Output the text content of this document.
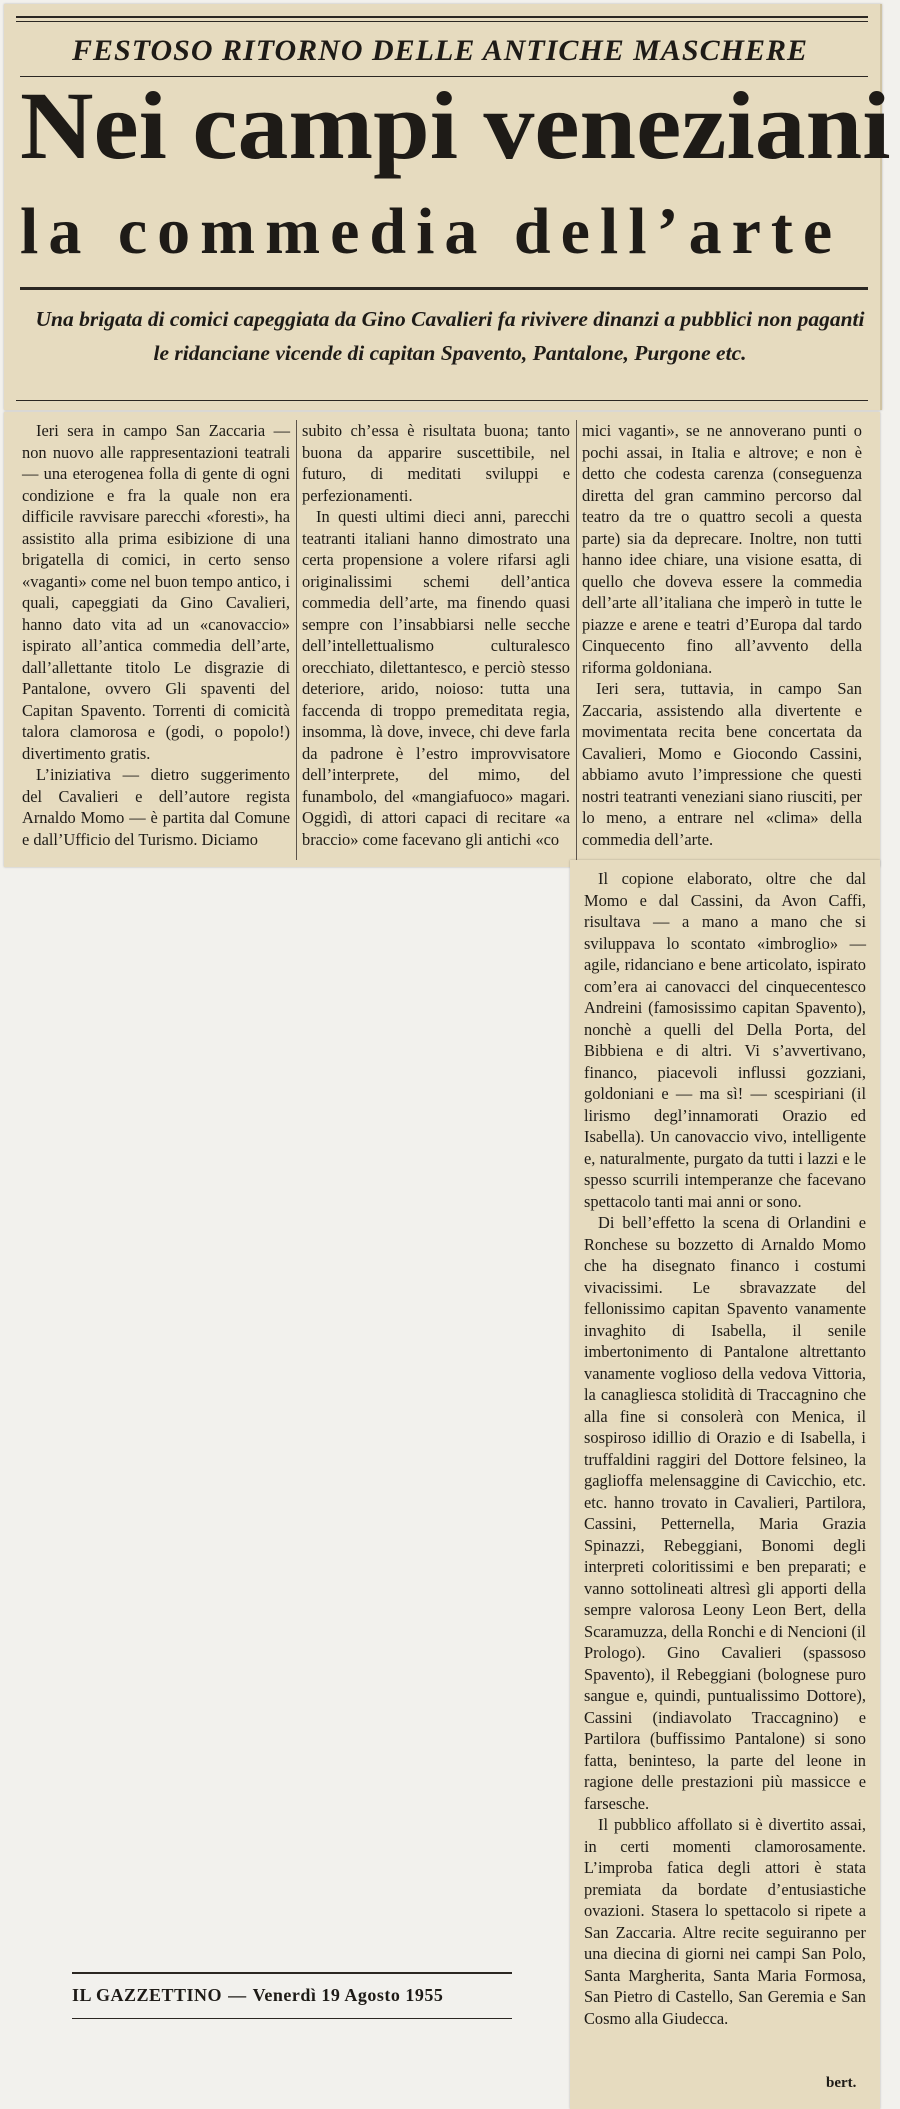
FESTOSO RITORNO DELLE ANTICHE MASCHERE
Nei campi veneziani
la commedia dell’arte
Una brigata di comici capeggiata da Gino Cavalieri fa rivivere dinanzi a pubblici non paganti le ridanciane vicende di capitan Spavento, Pantalone, Purgone etc.

Ieri sera in campo San Zaccaria — non nuovo alle rappresentazioni teatrali — una eterogenea folla di gente di ogni condizione e fra la quale non era difficile ravvisare parecchi «foresti», ha assistito alla prima esibizione di una brigatella di comici, in certo senso «vaganti» come nel buon tempo antico, i quali, capeggiati da Gino Cavalieri, hanno dato vita ad un «canovaccio» ispirato all’antica commedia dell’arte, dall’allettante titolo Le disgrazie di Pantalone, ovvero Gli spaventi del Capitan Spavento. Torrenti di comicità talora clamorosa e (godi, o popolo!) divertimento gratis.

L’iniziativa — dietro suggerimento del Cavalieri e dell’autore regista Arnaldo Momo — è partita dal Comune e dall’Ufficio del Turismo. Diciamo

subito ch’essa è risultata buona; tanto buona da apparire suscettibile, nel futuro, di meditati sviluppi e perfezionamenti.

In questi ultimi dieci anni, parecchi teatranti italiani hanno dimostrato una certa propensione a volere rifarsi agli originalissimi schemi dell’antica commedia dell’arte, ma finendo quasi sempre con l’insabbiarsi nelle secche dell’intellettualismo culturalesco orecchiato, dilettantesco, e perciò stesso deteriore, arido, noioso: tutta una faccenda di troppo premeditata regia, insomma, là dove, invece, chi deve farla da padrone è l’estro improvvisatore dell’interprete, del mimo, del funambolo, del «mangiafuoco» magari. Oggidì, di attori capaci di recitare «a braccio» come facevano gli antichi «co

mici vaganti», se ne annoverano punti o pochi assai, in Italia e altrove; e non è detto che codesta carenza (conseguenza diretta del gran cammino percorso dal teatro da tre o quattro secoli a questa parte) sia da deprecare. Inoltre, non tutti hanno idee chiare, una visione esatta, di quello che doveva essere la commedia dell’arte all’italiana che imperò in tutte le piazze e arene e teatri d’Europa dal tardo Cinquecento fino all’avvento della riforma goldoniana.

Ieri sera, tuttavia, in campo San Zaccaria, assistendo alla divertente e movimentata recita bene concertata da Cavalieri, Momo e Giocondo Cassini, abbiamo avuto l’impressione che questi nostri teatranti veneziani siano riusciti, per lo meno, a entrare nel «clima» della commedia dell’arte.

Il copione elaborato, oltre che dal Momo e dal Cassini, da Avon Caffi, risultava — a mano a mano che si sviluppava lo scontato «imbroglio» — agile, ridanciano e bene articolato, ispirato com’era ai canovacci del cinquecentesco Andreini (famosissimo capitan Spavento), nonchè a quelli del Della Porta, del Bibbiena e di altri. Vi s’avvertivano, financo, piacevoli influssi gozziani, goldoniani e — ma sì! — scespiriani (il lirismo degl’innamorati Orazio ed Isabella). Un canovaccio vivo, intelligente e, naturalmente, purgato da tutti i lazzi e le spesso scurrili intemperanze che facevano spettacolo tanti mai anni or sono.

Di bell’effetto la scena di Orlandini e Ronchese su bozzetto di Arnaldo Momo che ha disegnato financo i costumi vivacissimi. Le sbravazzate del fellonissimo capitan Spavento vanamente invaghito di Isabella, il senile imbertonimento di Pantalone altrettanto vanamente voglioso della vedova Vittoria, la canagliesca stolidità di Traccagnino che alla fine si consolerà con Menica, il sospiroso idillio di Orazio e di Isabella, i truffaldini raggiri del Dottore felsineo, la gaglioffa melensaggine di Cavicchio, etc. etc. hanno trovato in Cavalieri, Partilora, Cassini, Petternella, Maria Grazia Spinazzi, Rebeggiani, Bonomi degli interpreti coloritissimi e ben preparati; e vanno sottolineati altresì gli apporti della sempre valorosa Leony Leon Bert, della Scaramuzza, della Ronchi e di Nencioni (il Prologo). Gino Cavalieri (spassoso Spavento), il Rebeggiani (bolognese puro sangue e, quindi, puntualissimo Dottore), Cassini (indiavolato Traccagnino) e Partilora (buffissimo Pantalone) si sono fatta, beninteso, la parte del leone in ragione delle prestazioni più massicce e farsesche.

Il pubblico affollato si è divertito assai, in certi momenti clamorosamente. L’improba fatica degli attori è stata premiata da bordate d’entusiastiche ovazioni. Stasera lo spettacolo si ripete a San Zaccaria. Altre recite seguiranno per una diecina di giorni nei campi San Polo, Santa Margherita, Santa Maria Formosa, San Pietro di Castello, San Geremia e San Cosmo alla Giudecca.

bert.
IL GAZZETTINO — Venerdì 19 Agosto 1955
